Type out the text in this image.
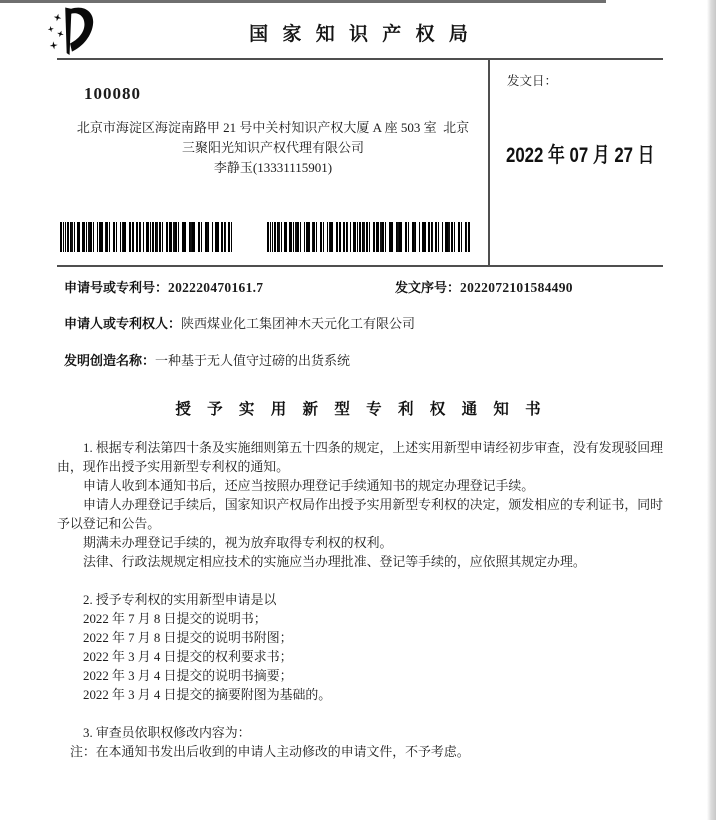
国 家 知 识 产 权 局
100080
北京市海淀区海淀南路甲 21 号中关村知识产权大厦 A 座 503 室  北京
三聚阳光知识产权代理有限公司
李静玉(13331115901)
发文日：
2022 年 07 月 27 日
申请号或专利号：202220470161.7	发文序号：2022072101584490
申请人或专利权人：陕西煤业化工集团神木天元化工有限公司
发明创造名称：一种基于无人值守过磅的出货系统
授 予 实 用 新 型 专 利 权 通 知 书
1. 根据专利法第四十条及实施细则第五十四条的规定，上述实用新型申请经初步审查，没有发现驳回理
由，现作出授予实用新型专利权的通知。
申请人收到本通知书后，还应当按照办理登记手续通知书的规定办理登记手续。
申请人办理登记手续后，国家知识产权局作出授予实用新型专利权的决定，颁发相应的专利证书，同时
予以登记和公告。
期满未办理登记手续的，视为放弃取得专利权的权利。
法律、行政法规规定相应技术的实施应当办理批准、登记等手续的，应依照其规定办理。
2. 授予专利权的实用新型申请是以
2022 年 7 月 8 日提交的说明书；
2022 年 7 月 8 日提交的说明书附图；
2022 年 3 月 4 日提交的权利要求书；
2022 年 3 月 4 日提交的说明书摘要；
2022 年 3 月 4 日提交的摘要附图为基础的。
3. 审查员依职权修改内容为：
注：在本通知书发出后收到的申请人主动修改的申请文件，不予考虑。
